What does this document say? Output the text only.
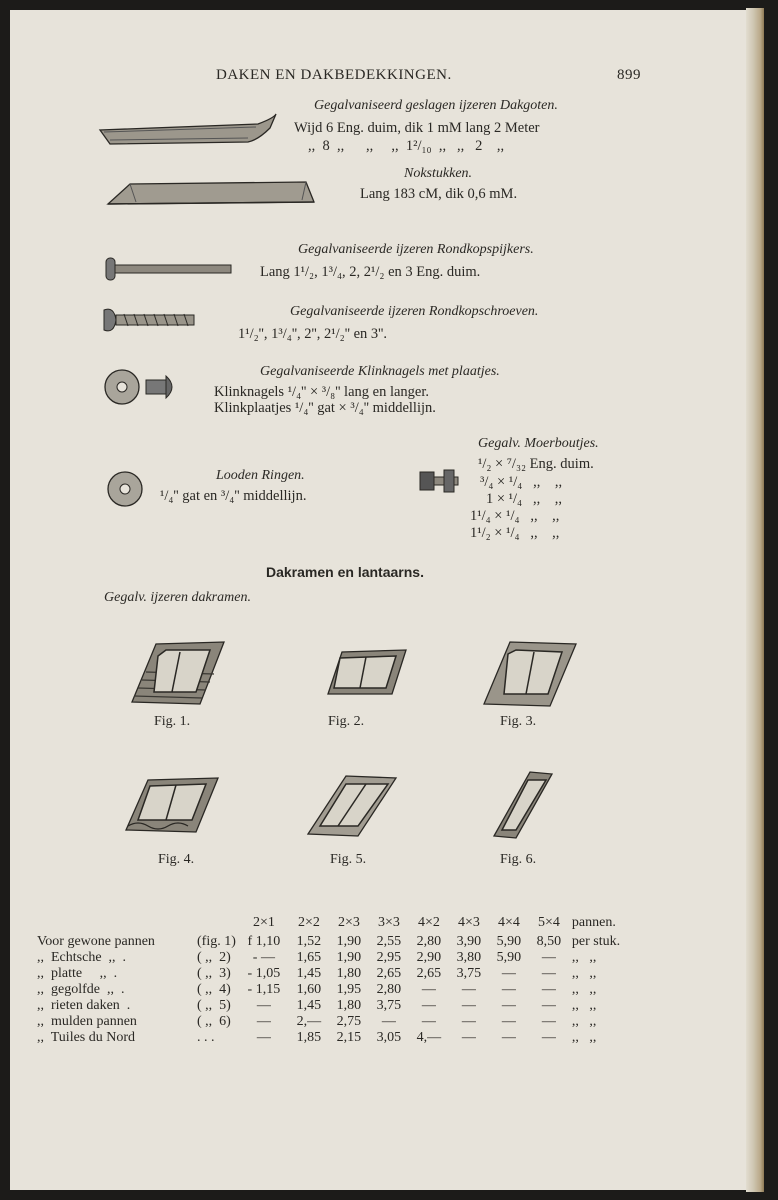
DAKEN EN DAKBEDEKKINGEN.	899
Gegalvaniseerd geslagen ijzeren Dakgoten.
Wijd 6 Eng. duim, dik 1 mM lang 2 Meter
,,  8  ,,      ,,     ,,  1²/₁₀  ,,   ,,   2    ,,
Nokstukken.
Lang 183 cM, dik 0,6 mM.
Gegalvaniseerde ijzeren Rondkopspijkers.
Lang 1¹/₂, 1³/₄, 2, 2¹/₂ en 3 Eng. duim.
Gegalvaniseerde ijzeren Rondkopschroeven.
1¹/₂'', 1³/₄'', 2'', 2¹/₂'' en 3''.
Gegalvaniseerde Klinknagels met plaatjes.
Klinknagels ¹/₄'' × ³/₈'' lang en langer.
Klinkplaatjes ¹/₄'' gat × ³/₄'' middellijn.
Looden Ringen.
¹/₄'' gat en ³/₄'' middellijn.
Gegalv. Moerboutjes.
¹/₂ × ⁷/₃₂ Eng. duim.
³/₄ × ¹/₄   ,,    ,,
1 × ¹/₄   ,,    ,,
1¹/₄ × ¹/₄   ,,    ,,
1¹/₂ × ¹/₄   ,,    ,,
Dakramen en lantaarns.
Gegalv. ijzeren dakramen.
Fig. 1.	Fig. 2.	Fig. 3.
Fig. 4.	Fig. 5.	Fig. 6.
		2×1	2×2	2×3	3×3	4×2	4×3	4×4	5×4	pannen.
Voor gewone pannen	(fig. 1)	f 1,10	1,52	1,90	2,55	2,80	3,90	5,90	8,50	per stuk.
,,  Echtsche  ,,  .	( ,,  2)	- —	1,65	1,90	2,95	2,90	3,80	5,90	—	,,   ,,
,,  platte     ,,  .	( ,,  3)	- 1,05	1,45	1,80	2,65	2,65	3,75	—	—	,,   ,,
,,  gegolfde  ,,  .	( ,,  4)	- 1,15	1,60	1,95	2,80	—	—	—	—	,,   ,,
,,  rieten daken  .	( ,,  5)	—	1,45	1,80	3,75	—	—	—	—	,,   ,,
,,  mulden pannen	( ,,  6)	—	2,—	2,75	—	—	—	—	—	,,   ,,
,,  Tuiles du Nord	. . .	—	1,85	2,15	3,05	4,—	—	—	—	,,   ,,
